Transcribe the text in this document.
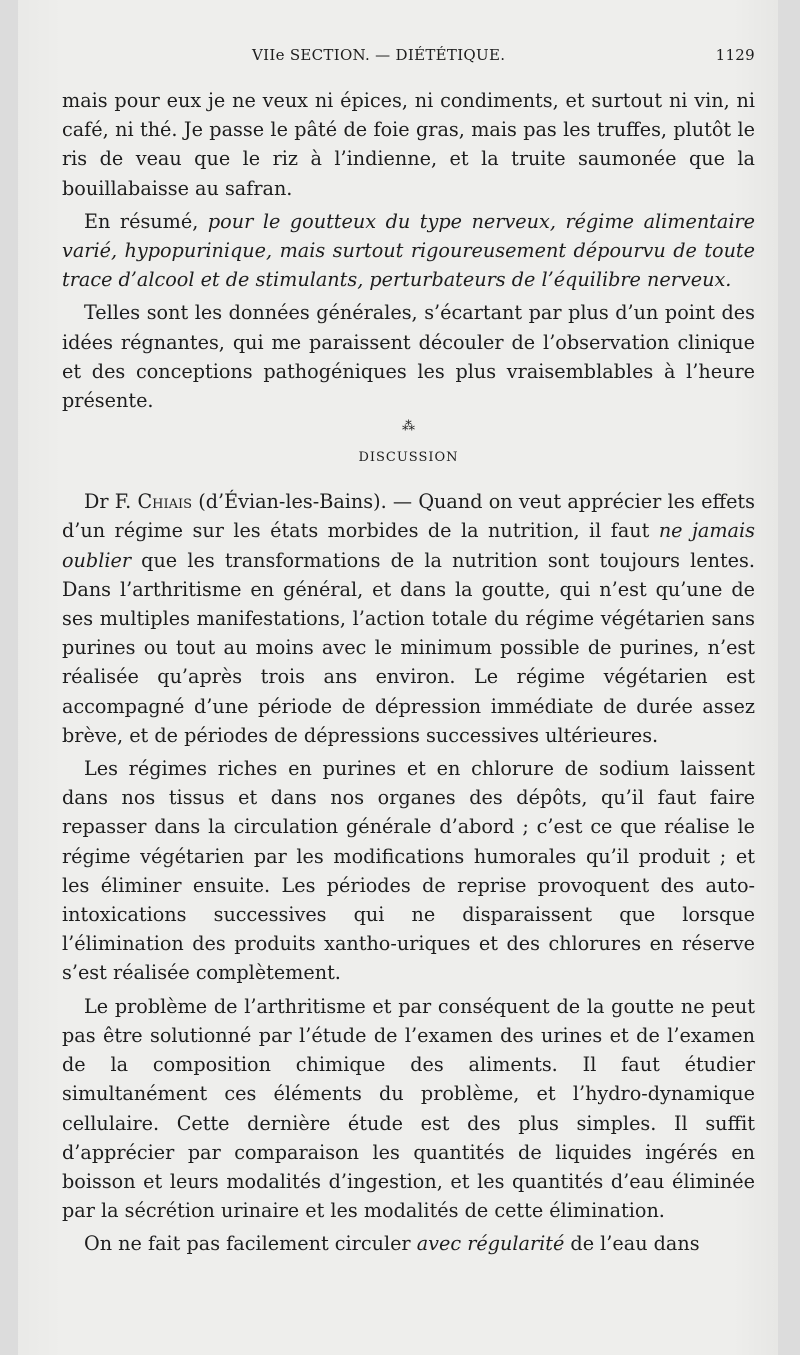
VIIe SECTION. — DIÉTÉTIQUE.	1129

mais pour eux je ne veux ni épices, ni condiments, et surtout ni vin, ni café, ni thé. Je passe le pâté de foie gras, mais pas les truffes, plutôt le ris de veau que le riz à l’indienne, et la truite saumonée que la bouillabaisse au safran.

En résumé, pour le goutteux du type nerveux, régime alimentaire varié, hypopurinique, mais surtout rigoureusement dépourvu de toute trace d’alcool et de stimulants, perturbateurs de l’équilibre nerveux.

Telles sont les données générales, s’écartant par plus d’un point des idées régnantes, qui me paraissent découler de l’observation clinique et des conceptions pathogéniques les plus vraisemblables à l’heure présente.

⁂
DISCUSSION

Dr F. Chiais (d’Évian-les-Bains). — Quand on veut apprécier les effets d’un régime sur les états morbides de la nutrition, il faut ne jamais oublier que les transformations de la nutrition sont toujours lentes. Dans l’arthritisme en général, et dans la goutte, qui n’est qu’une de ses multiples manifestations, l’action totale du régime végétarien sans purines ou tout au moins avec le minimum possible de purines, n’est réalisée qu’après trois ans environ. Le régime végétarien est accompagné d’une période de dépression immédiate de durée assez brève, et de périodes de dépressions successives ultérieures.

Les régimes riches en purines et en chlorure de sodium laissent dans nos tissus et dans nos organes des dépôts, qu’il faut faire repasser dans la circulation générale d’abord ; c’est ce que réalise le régime végétarien par les modifications humorales qu’il produit ; et les éliminer ensuite. Les périodes de reprise provoquent des auto-intoxications successives qui ne disparaissent que lorsque l’élimination des produits xantho-uriques et des chlorures en réserve s’est réalisée complètement.

Le problème de l’arthritisme et par conséquent de la goutte ne peut pas être solutionné par l’étude de l’examen des urines et de l’examen de la composition chimique des aliments. Il faut étudier simultanément ces éléments du problème, et l’hydro-dynamique cellulaire. Cette dernière étude est des plus simples. Il suffit d’apprécier par comparaison les quantités de liquides ingérés en boisson et leurs modalités d’ingestion, et les quantités d’eau éliminée par la sécrétion urinaire et les modalités de cette élimination.

On ne fait pas facilement circuler avec régularité de l’eau dans
